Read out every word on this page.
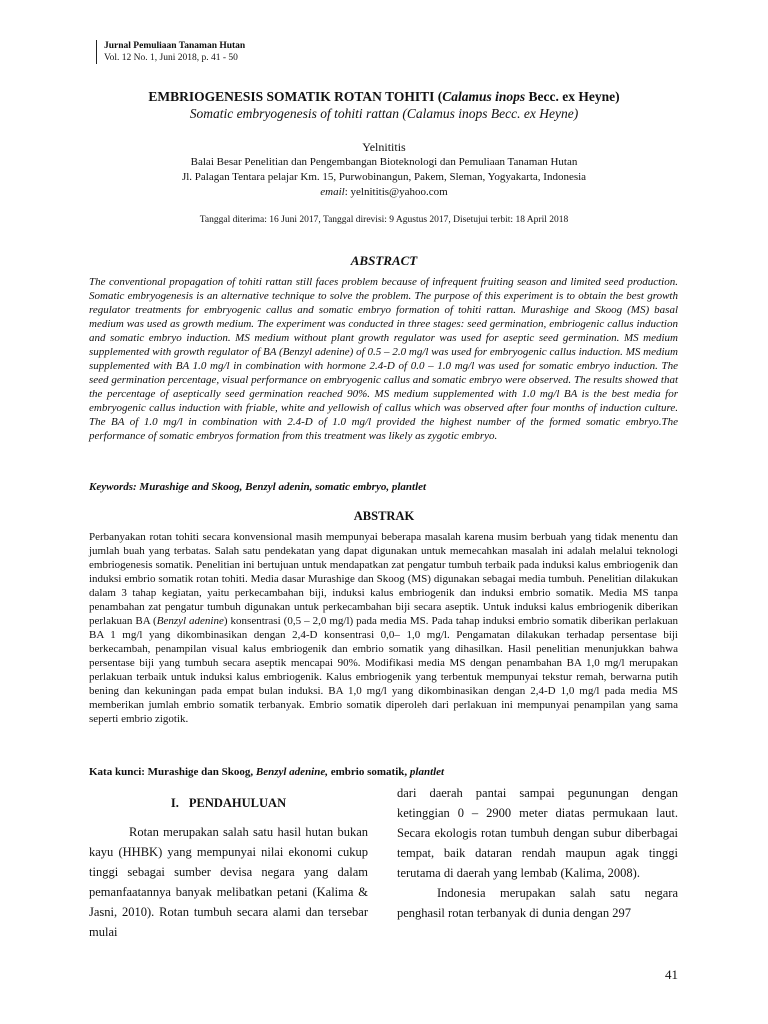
Jurnal Pemuliaan Tanaman Hutan
Vol. 12 No. 1, Juni 2018, p. 41 - 50
EMBRIOGENESIS SOMATIK ROTAN TOHITI (Calamus inops Becc. ex Heyne)
Somatic embryogenesis of tohiti rattan (Calamus inops Becc. ex Heyne)
Yelnititis
Balai Besar Penelitian dan Pengembangan Bioteknologi dan Pemuliaan Tanaman Hutan
Jl. Palagan Tentara pelajar Km. 15, Purwobinangun, Pakem, Sleman, Yogyakarta, Indonesia
email: yelnititis@yahoo.com
Tanggal diterima: 16 Juni 2017, Tanggal direvisi: 9 Agustus 2017, Disetujui terbit: 18 April 2018
ABSTRACT
The conventional propagation of tohiti rattan still faces problem because of infrequent fruiting season and limited seed production. Somatic embryogenesis is an alternative technique to solve the problem. The purpose of this experiment is to obtain the best growth regulator treatments for embryogenic callus and somatic embryo formation of tohiti rattan. Murashige and Skoog (MS) basal medium was used as growth medium. The experiment was conducted in three stages: seed germination, embriogenic callus induction and somatic embryo induction. MS medium without plant growth regulator was used for aseptic seed germination. MS medium supplemented with growth regulator of BA (Benzyl adenine) of 0.5 – 2.0 mg/l was used for embryogenic callus induction. MS medium supplemented with BA 1.0 mg/l in combination with hormone 2.4-D of 0.0 – 1.0 mg/l was used for somatic embryo induction. The seed germination percentage, visual performance on embryogenic callus and somatic embryo were observed. The results showed that the percentage of aseptically seed germination reached 90%. MS medium supplemented with 1.0 mg/l BA is the best media for embryogenic callus induction with friable, white and yellowish of callus which was observed after four months of induction culture. The BA of 1.0 mg/l in combination with 2.4-D of 1.0 mg/l provided the highest number of the formed somatic embryo.The performance of somatic embryos formation from this treatment was likely as zygotic embryo.
Keywords: Murashige and Skoog, Benzyl adenin, somatic embryo, plantlet
ABSTRAK
Perbanyakan rotan tohiti secara konvensional masih mempunyai beberapa masalah karena musim berbuah yang tidak menentu dan jumlah buah yang terbatas. Salah satu pendekatan yang dapat digunakan untuk memecahkan masalah ini adalah melalui teknologi embriogenesis somatik. Penelitian ini bertujuan untuk mendapatkan zat pengatur tumbuh terbaik pada induksi kalus embriogenik dan induksi embrio somatik rotan tohiti. Media dasar Murashige dan Skoog (MS) digunakan sebagai media tumbuh. Penelitian dilakukan dalam 3 tahap kegiatan, yaitu perkecambahan biji, induksi kalus embriogenik dan induksi embrio somatik. Media MS tanpa penambahan zat pengatur tumbuh digunakan untuk perkecambahan biji secara aseptik. Untuk induksi kalus embriogenik diberikan perlakuan BA (Benzyl adenine) konsentrasi (0,5 – 2,0 mg/l) pada media MS. Pada tahap induksi embrio somatik diberikan perlakuan BA 1 mg/l yang dikombinasikan dengan 2,4-D konsentrasi 0,0– 1,0 mg/l. Pengamatan dilakukan terhadap persentase biji berkecambah, penampilan visual kalus embriogenik dan embrio somatik yang dihasilkan. Hasil penelitian menunjukkan bahwa persentase biji yang tumbuh secara aseptik mencapai 90%. Modifikasi media MS dengan penambahan BA 1,0 mg/l merupakan perlakuan terbaik untuk induksi kalus embriogenik. Kalus embriogenik yang terbentuk mempunyai tekstur remah, berwarna putih bening dan kekuningan pada empat bulan induksi. BA 1,0 mg/l yang dikombinasikan dengan 2,4-D 1,0 mg/l pada media MS memberikan jumlah embrio somatik terbanyak. Embrio somatik diperoleh dari perlakuan ini mempunyai penampilan yang sama seperti embrio zigotik.
Kata kunci: Murashige dan Skoog, Benzyl adenine, embrio somatik, plantlet
I. PENDAHULUAN

Rotan merupakan salah satu hasil hutan bukan kayu (HHBK) yang mempunyai nilai ekonomi cukup tinggi sebagai sumber devisa negara yang dalam pemanfaatannya banyak melibatkan petani (Kalima & Jasni, 2010). Rotan tumbuh secara alami dan tersebar mulai

dari daerah pantai sampai pegunungan dengan ketinggian 0 – 2900 meter diatas permukaan laut. Secara ekologis rotan tumbuh dengan subur diberbagai tempat, baik dataran rendah maupun agak tinggi terutama di daerah yang lembab (Kalima, 2008).

Indonesia merupakan salah satu negara penghasil rotan terbanyak di dunia dengan 297

41
